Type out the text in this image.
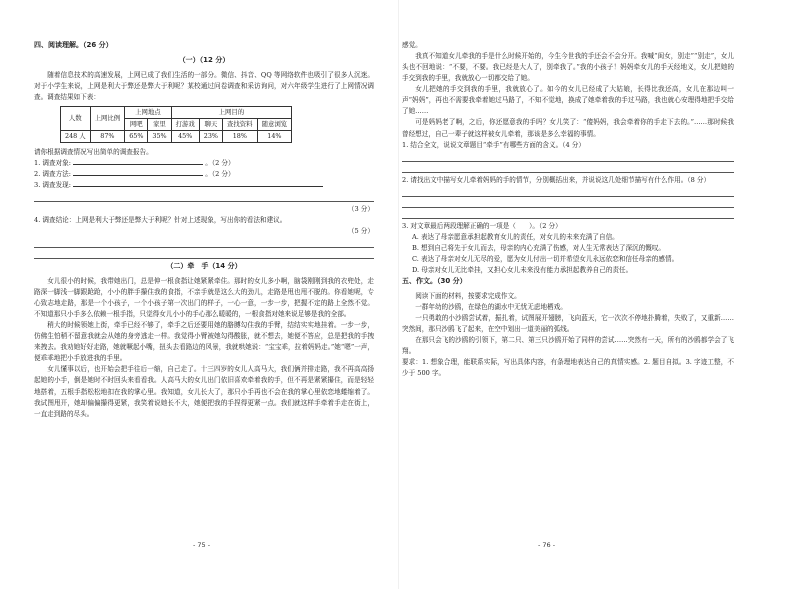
四、阅读理解。（26 分）
（一）（12 分）
随着信息技术的高速发展，上网已成了我们生活的一部分。微信、抖音、QQ 等网络软件也吸引了很多人沉迷。对于小学生来说，上网是利大于弊还是弊大于利呢？某校通过问卷调查和采访询问，对六年级学生进行了上网情况调查。调查结果如下表：
人数	上网比例	上网地点		上网目的			
		网吧	家里	打游戏	聊天	查找资料	随意浏览
248 人	87%	65%	35%	45%	23%	18%	14%
请你根据调查情况写出简单的调查报告。
1. 调查对象:	。（2 分）
2. 调查方法:	。（2 分）
3. 调查发现:
（3 分）
4. 调查结论：上网是利大于弊还是弊大于利呢？针对上述现象，写出你的看法和建议。
（5 分）
（二）牵　手（14 分）
女儿很小的时候，我带她出门，总是伸一根食指让她紧紧牵住。那时的女儿多小啊，脑袋刚刚到我的衣兜处，走路深一脚浅一脚跟跄跄，小小的胖手攥住我的食指，不亲手就是这么大的劲儿，走路是甩也甩不脱的。你看她呢，专心致志地走路，那是一个小孩子，一个小孩子第一次出门的样子，一心一意，一步一步，把握不定的路上全然不觉。不知道那只小手多么依赖一根手指，只觉得女儿小小的手心那么暖暖的，一根食指对她来说足够是我的全部。
稍大的时候领她上街，牵手已经不够了，牵手之后还要用她的胳膊勾住我的手臂，结结实实地挂着。一步一步，仿佛生怕稍不留意我就会从她的身旁逃走一样。我觉得小臂被她勾得酸胀，就不想去，她便不答应，总是把我的手拽来拽去。我劝她好好走路，她就噘起小嘴，扭头去看路边的风景，我就哄她说：“宝宝乖，拉着妈妈走。”她“嗯”一声，便乖乖地把小手放进我的手里。
女儿懂事以后，也开始会把手往后一缩，自己走了。十三四岁的女儿人高马大，我们俩并排走路，我不再高高扬起她的小手，倒是她时不时回头来看看我。人高马大的女儿出门依旧喜欢牵着我的手，但不再是紧紧攥住，而是轻轻地搭着，五根手指松松地扣在我的掌心里。我知道，女儿长大了，那只小手再也不会在我的掌心里依恋地蜷缩着了。我试图甩开，她却偏偏攥得更紧，我笑着说她长不大，她便把我的手捏得更紧一点。我们就这样手牵着手走在街上，一直走到路的尽头。
- 75 -
感觉。
我真不知道女儿牵我的手是什么时候开始的，今生今世我的手还会不会分开。我喊“闺女，别走”“别走”，女儿头也不回地说：“不要，不要。我已经是大人了，别牵我了。”我的小孩子！妈妈牵女儿的手天经地义，女儿把她的手交到我的手里，我就放心一切都交给了她。
女儿把她的手交到我的手里，我就放心了。如今的女儿已经成了大姑娘，长得比我还高，女儿在那边叫一声“妈妈”，再也不需要我牵着她过马路了，不知不觉地，换成了她牵着我的手过马路，我也就心安理得地把手交给了她……
可是妈妈老了啊，之后，你还愿意我的手吗？女儿笑了：“傻妈妈，我会牵着你的手走下去的。”……那时候我曾经想过，自己一辈子就这样被女儿牵着，那该是多么幸福的事情。
1. 结合全文，说说文章题目“牵手”有哪些方面的含义。（4 分）
2. 请找出文中描写女儿牵着妈妈的手的情节，分别概括出来，并说说这几处细节描写有什么作用。（8 分）
3. 对文章最后两段理解正确的一项是（　　）。（2 分）
A. 表达了母亲愿意承担起教育女儿的责任，对女儿的未来充满了自信。
B. 想到自己将先于女儿而去，母亲的内心充满了伤感，对人生无常表达了深沉的慨叹。
C. 表达了母亲对女儿无尽的爱，愿为女儿付出一切并希望女儿永远依恋和信任母亲的感情。
D. 母亲对女儿无比牵挂，又担心女儿未来没有能力承担起教养自己的责任。
五、作文。（30 分）
阅读下面的材料，按要求完成作文。
一群年幼的沙鸥，在绿色的湖水中无忧无虑地栖戏。
一只勇敢的小沙鸥尝试着，振扎着，试图展开翅膀，飞向蓝天，它一次次不停地扑腾着，失败了，又重新……突然间，那只沙鸥飞了起来，在空中划出一道美丽的弧线。
在那只会飞的沙鸥的引领下，第二只、第三只沙鸥开始了同样的尝试……突然有一天，所有的沙鸥都学会了飞翔。
要求：1. 想象合理，能联系实际，写出具体内容，有条理地表达自己的真情实感。2. 题目自拟。3. 字迹工整，不少于 500 字。
- 76 -
